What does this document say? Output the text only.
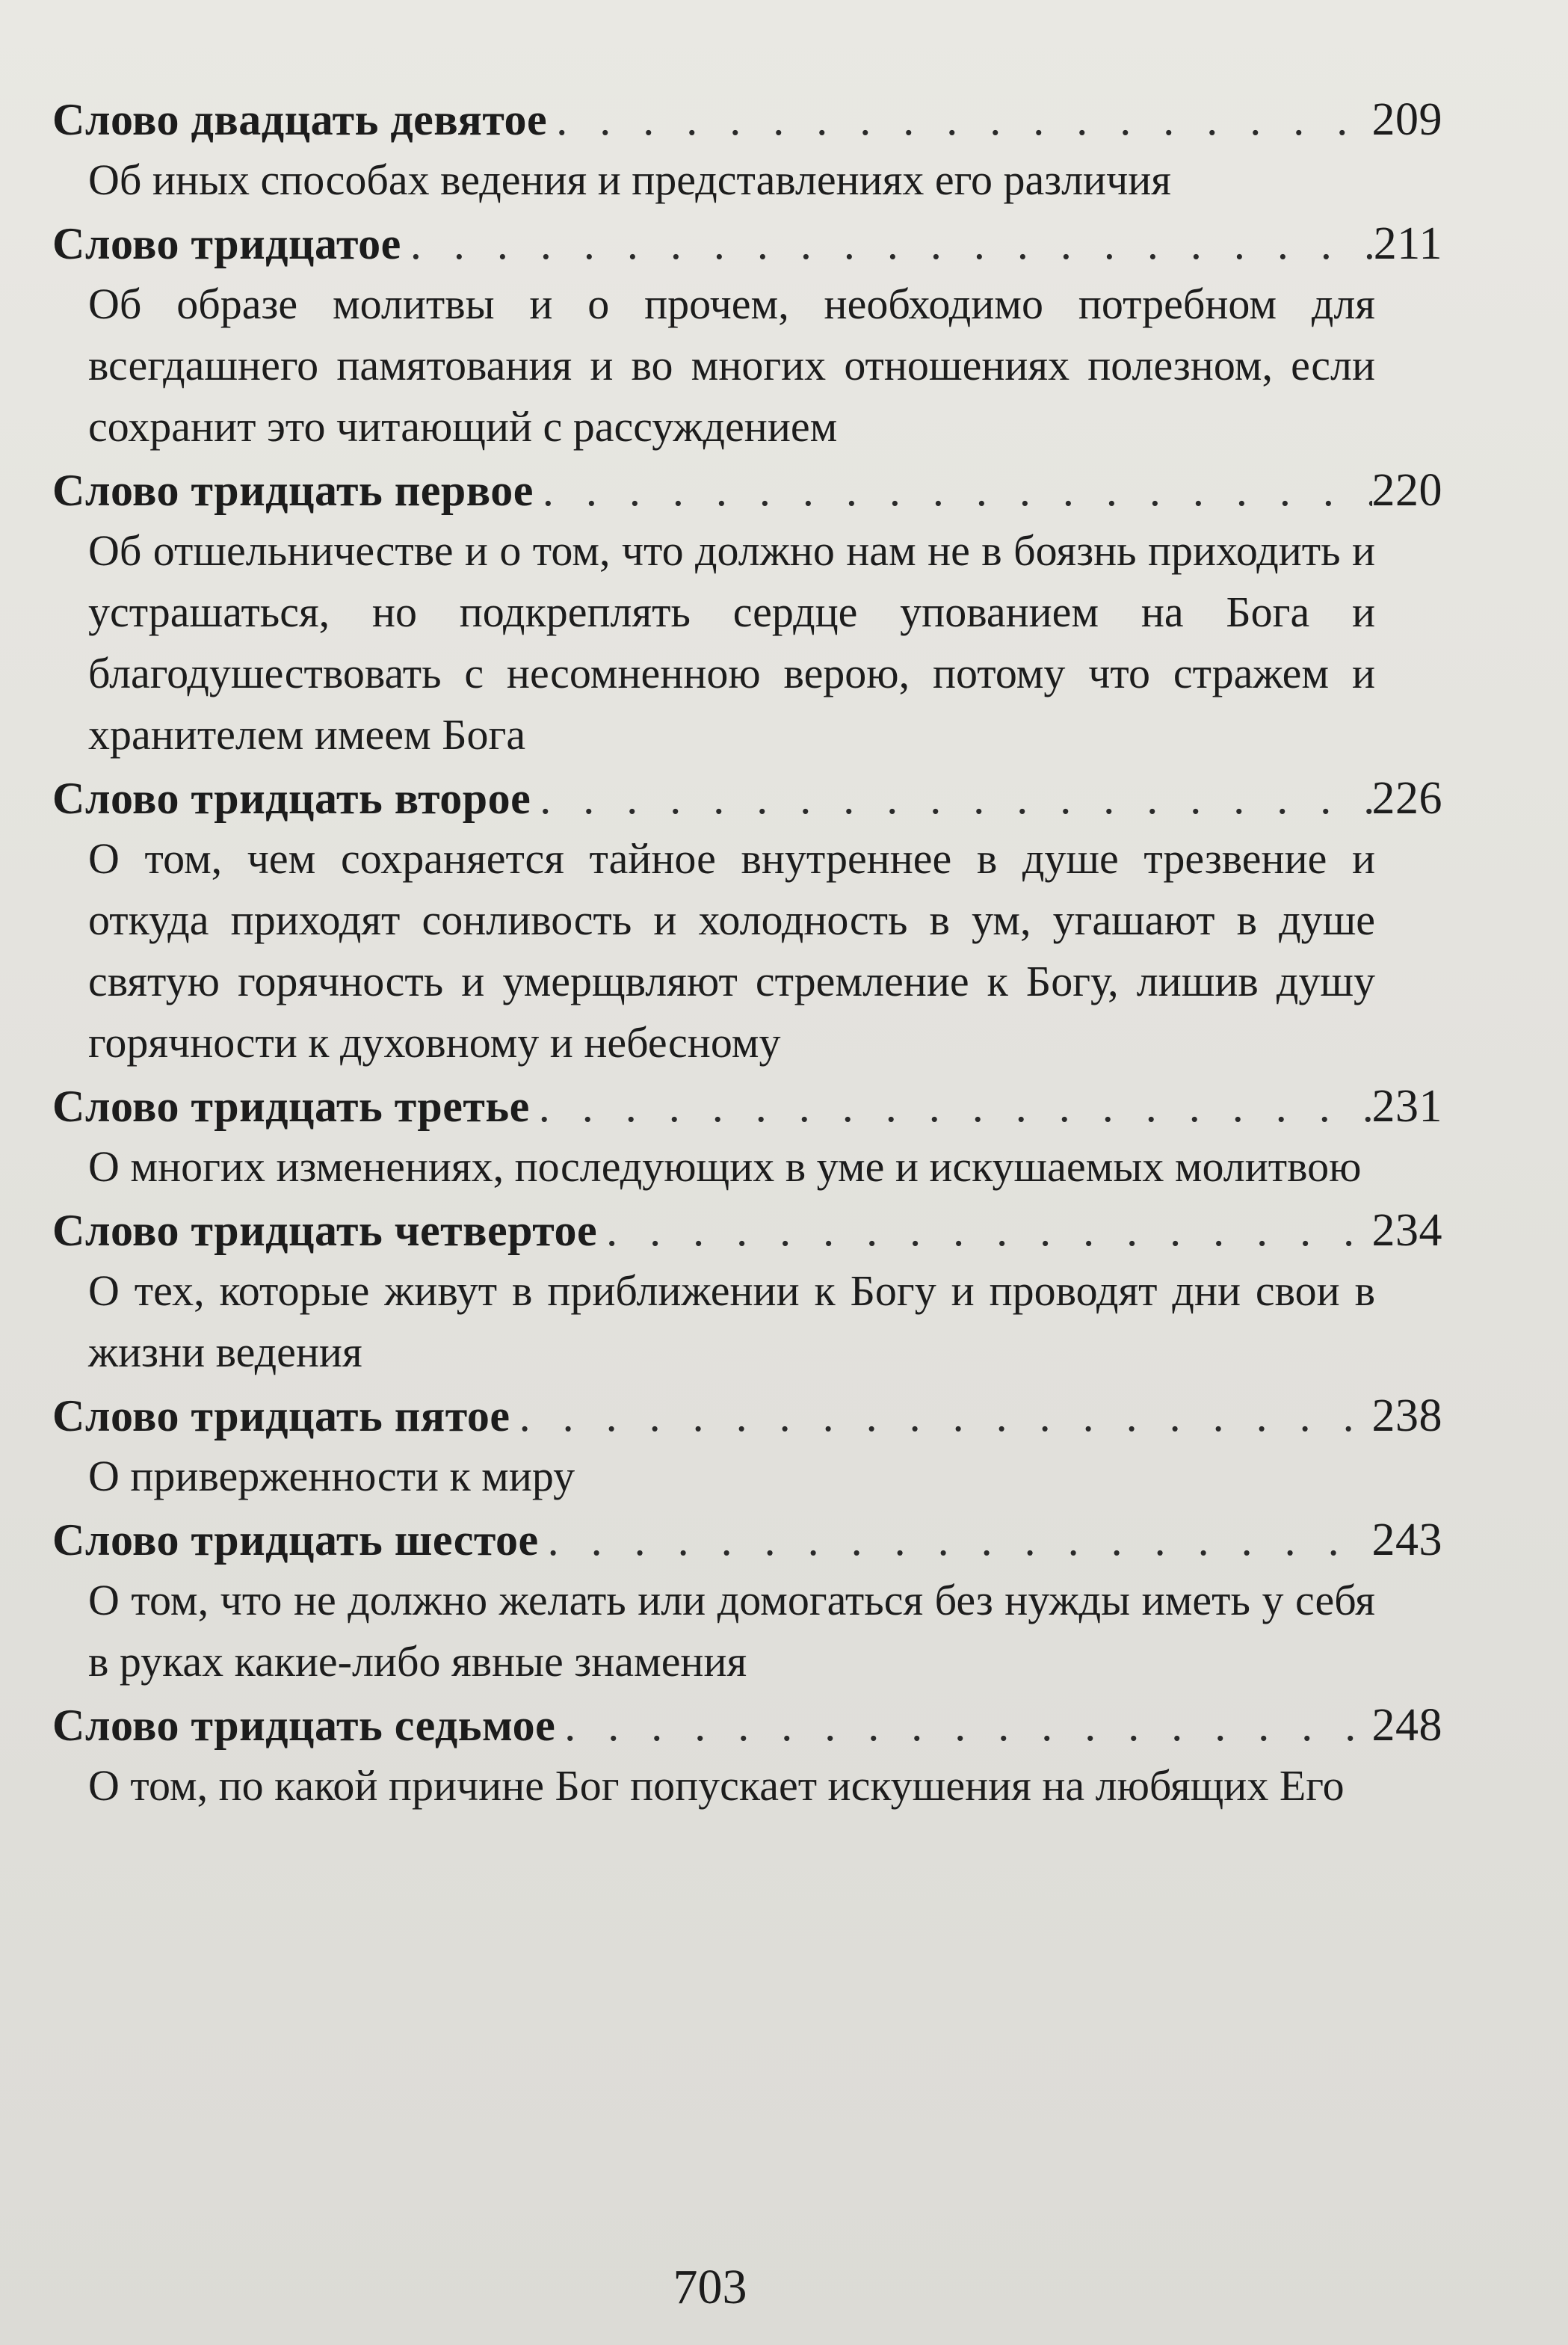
Слово двадцать девятое . . .	209

Об иных способах ведения и представлениях его различия

Слово тридцатое . . .	211

Об образе молитвы и о прочем, необходимо потребном для всегдашнего памятования и во многих отношениях полезном, если сохранит это читающий с рассуждением

Слово тридцать первое . . .	220

Об отшельничестве и о том, что должно нам не в боязнь приходить и устрашаться, но подкреплять сердце упованием на Бога и благодушествовать с несомненною верою, потому что стражем и хранителем имеем Бога

Слово тридцать второе . . .	226

О том, чем сохраняется тайное внутреннее в душе трезвение и откуда приходят сонливость и холодность в ум, угашают в душе святую горячность и умерщвляют стремление к Богу, лишив душу горячности к духовному и небесному

Слово тридцать третье . . .	231

О многих изменениях, последующих в уме и искушаемых молитвою

Слово тридцать четвертое . . .	234

О тех, которые живут в приближении к Богу и проводят дни свои в жизни ведения

Слово тридцать пятое . . .	238

О приверженности к миру

Слово тридцать шестое . . .	243

О том, что не должно желать или домогаться без нужды иметь у себя в руках какие-либо явные знамения

Слово тридцать седьмое . . .	248

О том, по какой причине Бог попускает искушения на любящих Его

703
